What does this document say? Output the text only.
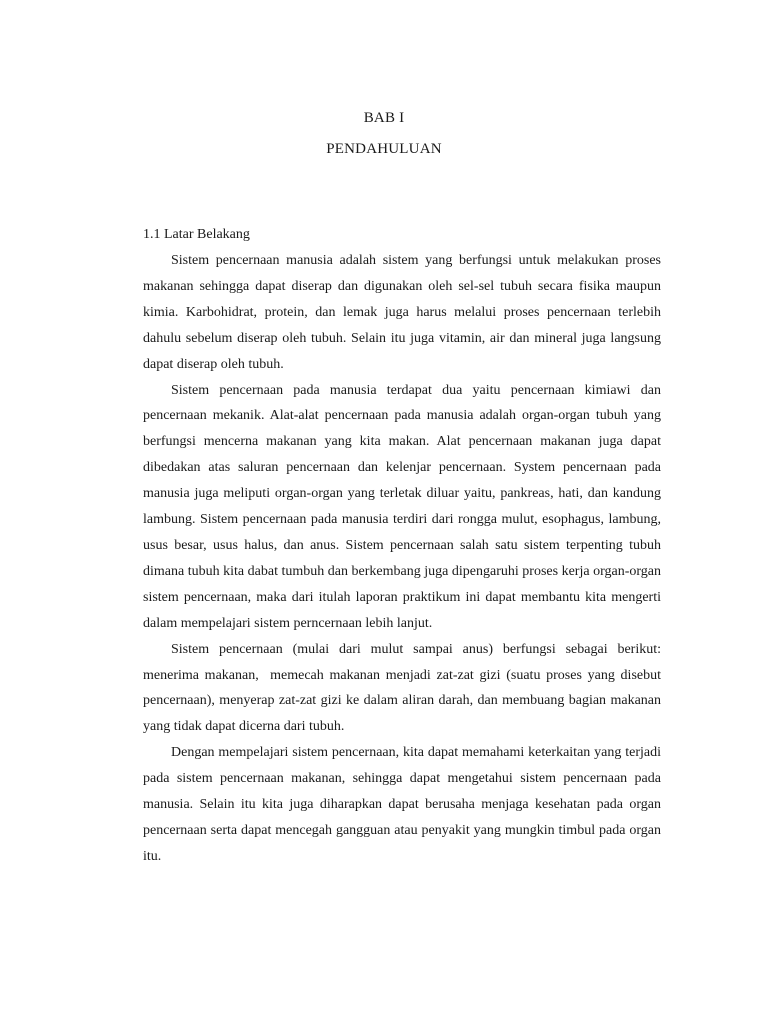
BAB I
PENDAHULUAN
1.1 Latar Belakang

Sistem pencernaan manusia adalah sistem yang berfungsi untuk melakukan proses makanan sehingga dapat diserap dan digunakan oleh sel-sel tubuh secara fisika maupun kimia. Karbohidrat, protein, dan lemak juga harus melalui proses pencernaan terlebih dahulu sebelum diserap oleh tubuh. Selain itu juga vitamin, air dan mineral juga langsung dapat diserap oleh tubuh.

Sistem pencernaan pada manusia terdapat dua yaitu pencernaan kimiawi dan pencernaan mekanik. Alat-alat pencernaan pada manusia adalah organ-organ tubuh yang berfungsi mencerna makanan yang kita makan. Alat pencernaan makanan juga dapat dibedakan atas saluran pencernaan dan kelenjar pencernaan. System pencernaan pada manusia juga meliputi organ-organ yang terletak diluar yaitu, pankreas, hati, dan kandung lambung. Sistem pencernaan pada manusia terdiri dari rongga mulut, esophagus, lambung, usus besar, usus halus, dan anus. Sistem pencernaan salah satu sistem terpenting tubuh dimana tubuh kita dabat tumbuh dan berkembang juga dipengaruhi proses kerja organ-organ sistem pencernaan, maka dari itulah laporan praktikum ini dapat membantu kita mengerti dalam mempelajari sistem perncernaan lebih lanjut.

Sistem pencernaan (mulai dari mulut sampai anus) berfungsi sebagai berikut: menerima makanan,  memecah makanan menjadi zat-zat gizi (suatu proses yang disebut pencernaan), menyerap zat-zat gizi ke dalam aliran darah, dan membuang bagian makanan yang tidak dapat dicerna dari tubuh.

Dengan mempelajari sistem pencernaan, kita dapat memahami keterkaitan yang terjadi pada sistem pencernaan makanan, sehingga dapat mengetahui sistem pencernaan pada manusia. Selain itu kita juga diharapkan dapat berusaha menjaga kesehatan pada organ pencernaan serta dapat mencegah gangguan atau penyakit yang mungkin timbul pada organ itu.
